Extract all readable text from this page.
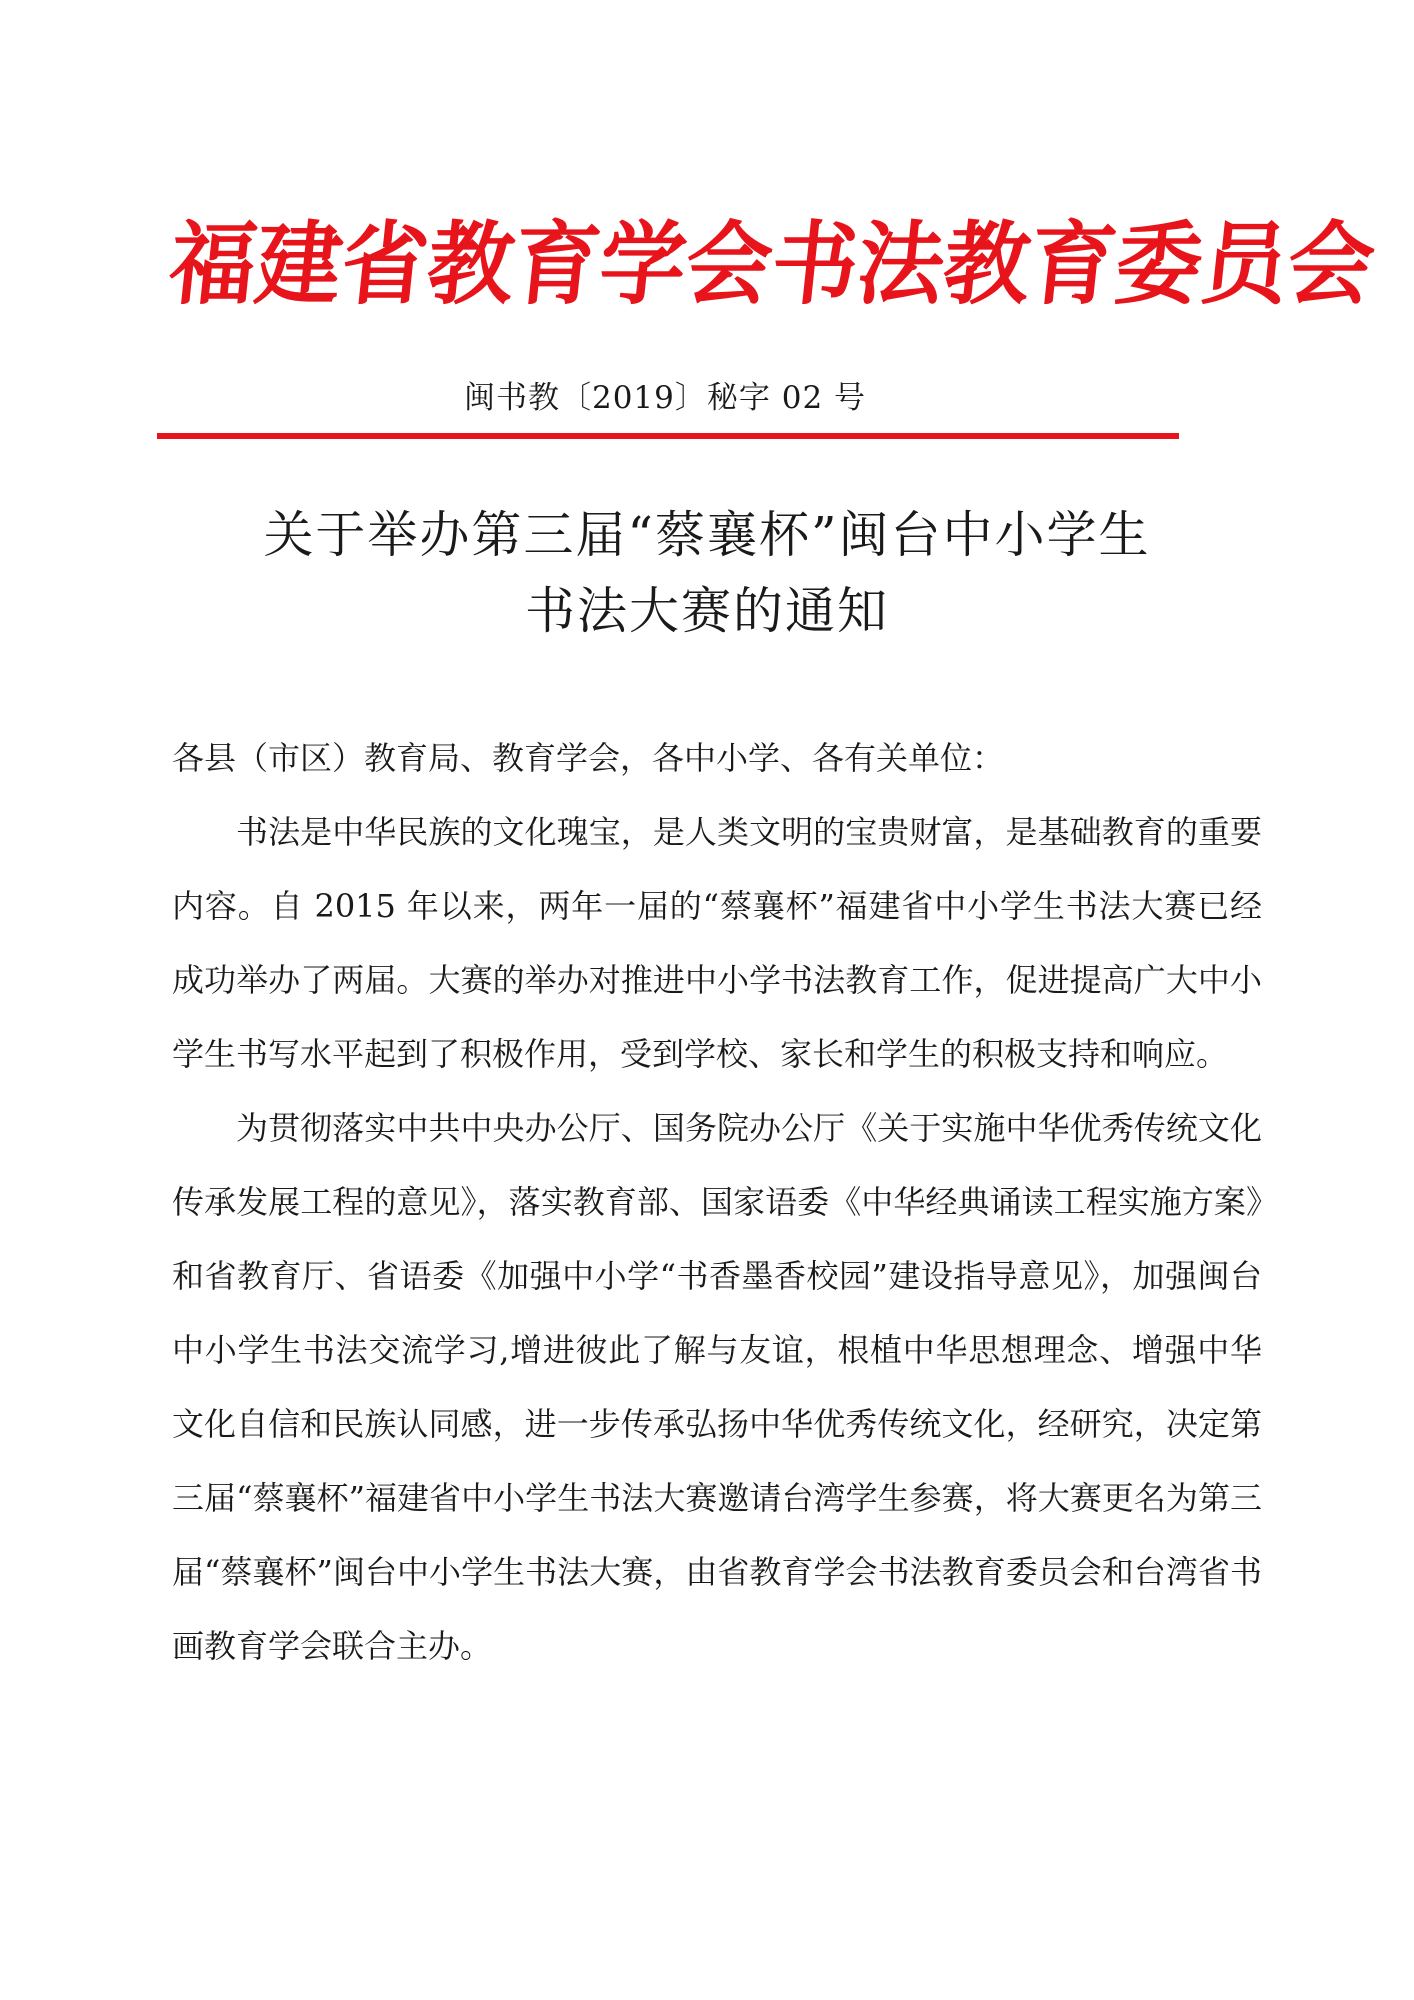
福
建
省
教
育
学
会
书
法
教
育
委
员
会
闽书教〔2019〕秘字 02 号
关于举办第三届“蔡襄杯”闽台中小学生
书法大赛的通知

各县（市区）教育局、教育学会，各中小学、各有关单位：

书法是中华民族的文化瑰宝，是人类文明的宝贵财富，是基础教育的重要内容。自 2015 年以来，两年一届的“蔡襄杯”福建省中小学生书法大赛已经成功举办了两届。大赛的举办对推进中小学书法教育工作，促进提高广大中小学生书写水平起到了积极作用，受到学校、家长和学生的积极支持和响应。

为贯彻落实中共中央办公厅、国务院办公厅《关于实施中华优秀传统文化传承发展工程的意见》，落实教育部、国家语委《中华经典诵读工程实施方案》和省教育厅、省语委《加强中小学“书香墨香校园”建设指导意见》，加强闽台中小学生书法交流学习,增进彼此了解与友谊，根植中华思想理念、增强中华文化自信和民族认同感，进一步传承弘扬中华优秀传统文化，经研究，决定第三届“蔡襄杯”福建省中小学生书法大赛邀请台湾学生参赛，将大赛更名为第三届“蔡襄杯”闽台中小学生书法大赛，由省教育学会书法教育委员会和台湾省书画教育学会联合主办。
